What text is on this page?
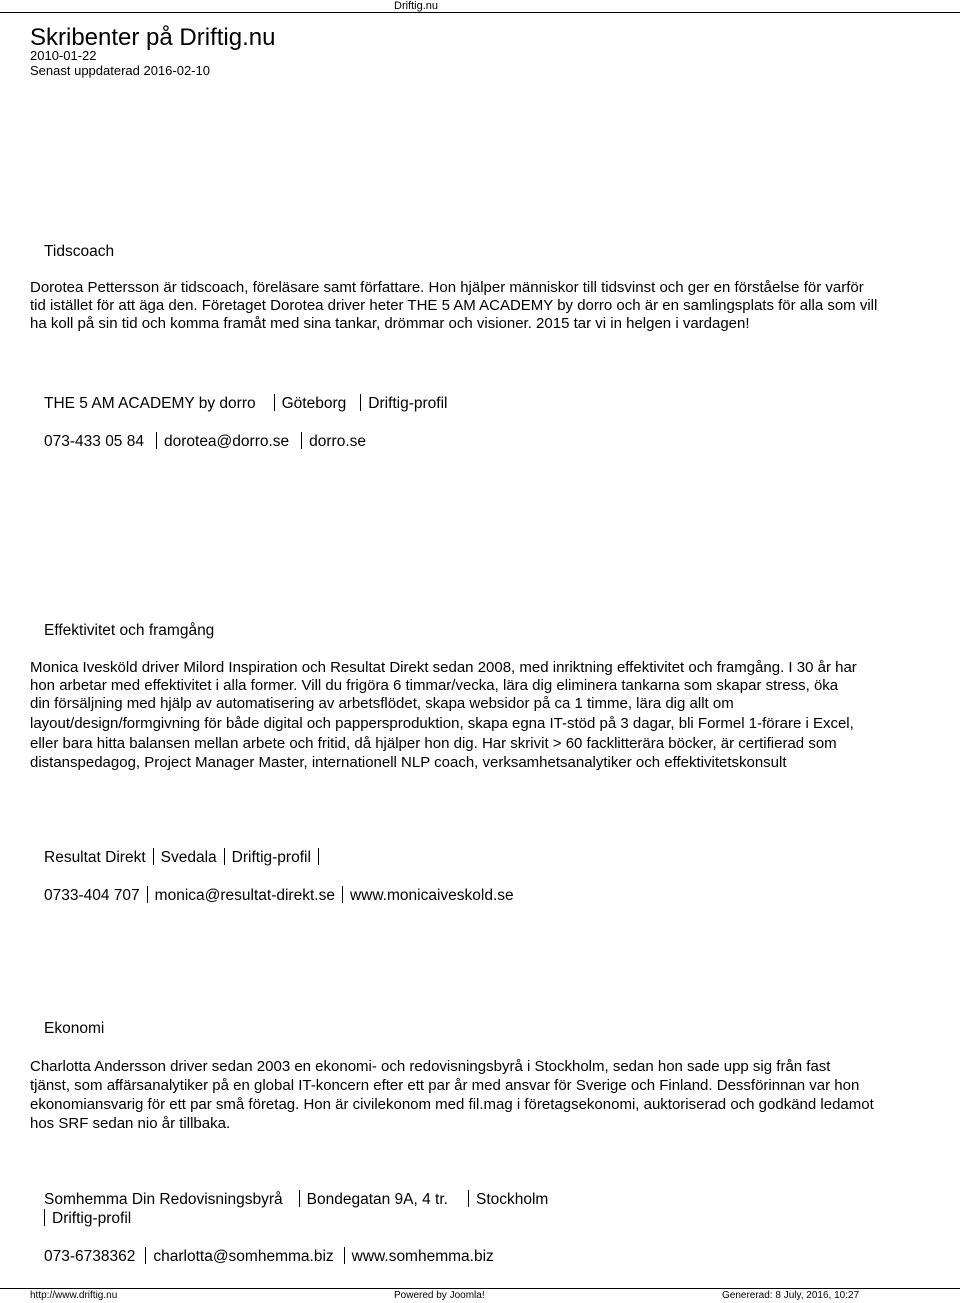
Driftig.nu
Skribenter på Driftig.nu
2010-01-22
Senast uppdaterad 2016-02-10
Tidscoach
Dorotea Pettersson är tidscoach, föreläsare samt författare. Hon hjälper människor till tidsvinst och ger en förståelse för varför
tid istället för att äga den. Företaget Dorotea driver heter THE 5 AM ACADEMY by dorro och är en samlingsplats för alla som vill
ha koll på sin tid och komma framåt med sina tankar, drömmar och visioner. 2015 tar vi in helgen i vardagen!
THE 5 AM ACADEMY by dorro Göteborg Driftig-profil
073-433 05 84 dorotea@dorro.se dorro.se
Effektivitet och framgång
Monica Ivesköld driver Milord Inspiration och Resultat Direkt sedan 2008, med inriktning effektivitet och framgång. I 30 år har
hon arbetar med effektivitet i alla former. Vill du frigöra 6 timmar/vecka, lära dig eliminera tankarna som skapar stress, öka
din försäljning med hjälp av automatisering av arbetsflödet, skapa websidor på ca 1 timme, lära dig allt om
layout/design/formgivning för både digital och pappersproduktion, skapa egna IT-stöd på 3 dagar, bli Formel 1-förare i Excel,
eller bara hitta balansen mellan arbete och fritid, då hjälper hon dig. Har skrivit > 60 facklitterära böcker, är certifierad som
distanspedagog, Project Manager Master, internationell NLP coach, verksamhetsanalytiker och effektivitetskonsult
Resultat Direkt Svedala Driftig-profil
0733-404 707 monica@resultat-direkt.se www.monicaiveskold.se
Ekonomi
Charlotta Andersson driver sedan 2003 en ekonomi- och redovisningsbyrå i Stockholm, sedan hon sade upp sig från fast
tjänst, som affärsanalytiker på en global IT-koncern efter ett par år med ansvar för Sverige och Finland. Dessförinnan var hon
ekonomiansvarig för ett par små företag. Hon är civilekonom med fil.mag i företagsekonomi, auktoriserad och godkänd ledamot
hos SRF sedan nio år tillbaka.
Somhemma Din Redovisningsbyrå Bondegatan 9A, 4 tr. Stockholm
Driftig-profil
073-6738362 charlotta@somhemma.biz www.somhemma.biz
http://www.driftig.nu	Powered by Joomla!	Genererad: 8 July, 2016, 10:27
